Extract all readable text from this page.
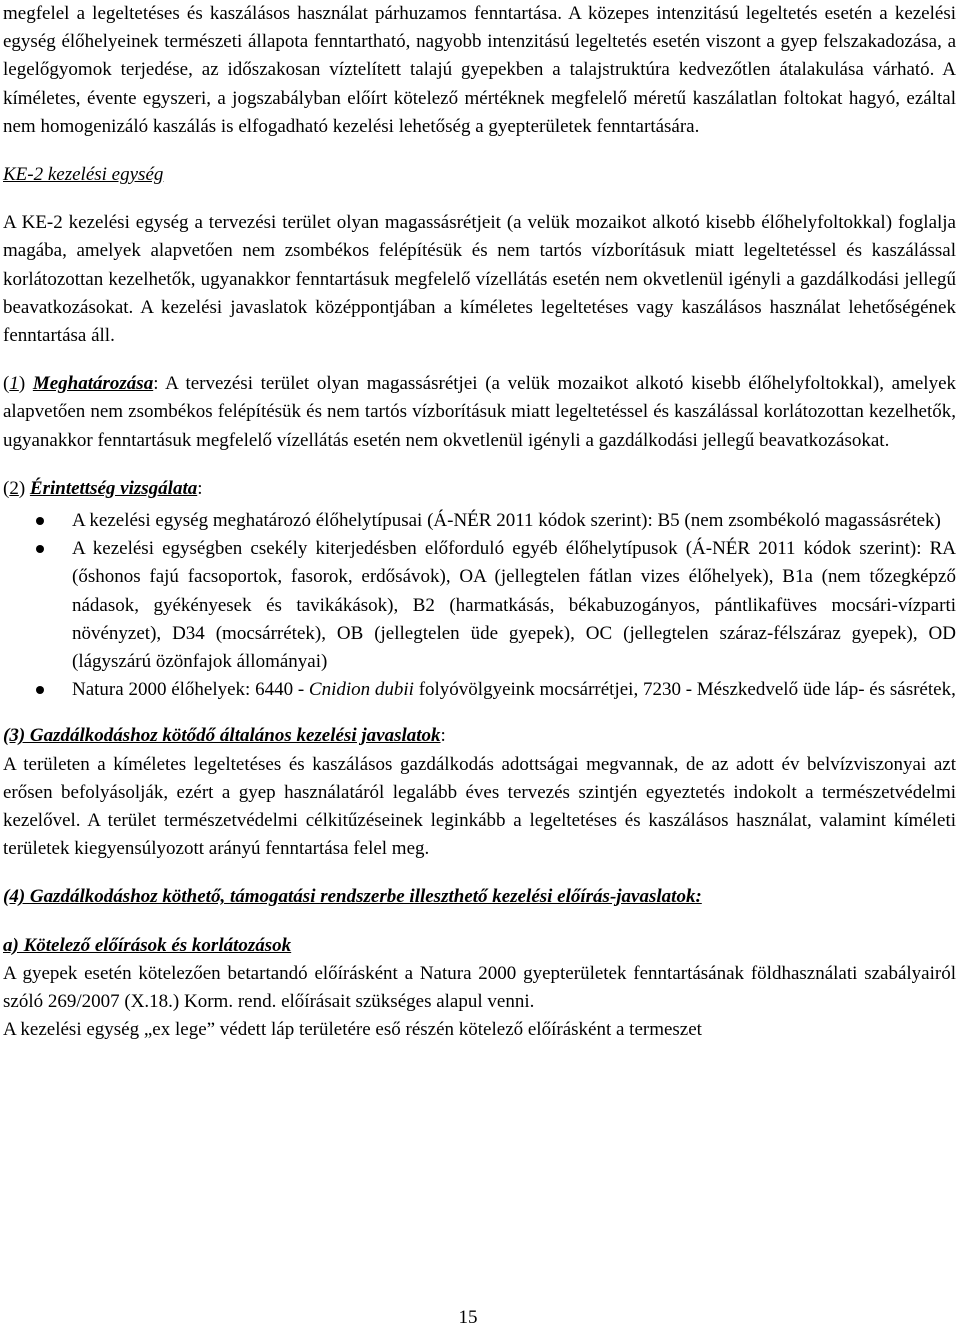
megfelel a legeltetéses és kaszálásos használat párhuzamos fenntartása. A közepes intenzitású legeltetés esetén a kezelési egység élőhelyeinek természeti állapota fenntartható, nagyobb intenzitású legeltetés esetén viszont a gyep felszakadozása, a legelőgyomok terjedése, az időszakosan víztelített talajú gyepekben a talajstruktúra kedvezőtlen átalakulása várható. A kíméletes, évente egyszeri, a jogszabályban előírt kötelező mértéknek megfelelő méretű kaszálatlan foltokat hagyó, ezáltal nem homogenizáló kaszálás is elfogadható kezelési lehetőség a gyepterületek fenntartására.

KE-2 kezelési egység

A KE-2 kezelési egység a tervezési terület olyan magassásrétjeit (a velük mozaikot alkotó kisebb élőhelyfoltokkal) foglalja magába, amelyek alapvetően nem zsombékos felépítésük és nem tartós vízborításuk miatt legeltetéssel és kaszálással korlátozottan kezelhetők, ugyanakkor fenntartásuk megfelelő vízellátás esetén nem okvetlenül igényli a gazdálkodási jellegű beavatkozásokat. A kezelési javaslatok középpontjában a kíméletes legeltetéses vagy kaszálásos használat lehetőségének fenntartása áll.

(1) Meghatározása: A tervezési terület olyan magassásrétjei (a velük mozaikot alkotó kisebb élőhelyfoltokkal), amelyek alapvetően nem zsombékos felépítésük és nem tartós vízborításuk miatt legeltetéssel és kaszálással korlátozottan kezelhetők, ugyanakkor fenntartásuk megfelelő vízellátás esetén nem okvetlenül igényli a gazdálkodási jellegű beavatkozásokat.

(2) Érintettség vizsgálata:

A kezelési egység meghatározó élőhelytípusai (Á-NÉR 2011 kódok szerint): B5 (nem zsombékoló magassásrétek)
A kezelési egységben csekély kiterjedésben előforduló egyéb élőhelytípusok (Á-NÉR 2011 kódok szerint): RA (őshonos fajú facsoportok, fasorok, erdősávok), OA (jellegtelen fátlan vizes élőhelyek), B1a (nem tőzegképző nádasok, gyékényesek és tavikákások), B2 (harmatkásás, békabuzogányos, pántlikafüves mocsári-vízparti növényzet), D34 (mocsárrétek), OB (jellegtelen üde gyepek), OC (jellegtelen száraz-félszáraz gyepek), OD (lágyszárú özönfajok állományai)
Natura 2000 élőhelyek: 6440 - Cnidion dubii folyóvölgyeink mocsárrétjei, 7230 - Mészkedvelő üde láp- és sásrétek,

(3) Gazdálkodáshoz kötődő általános kezelési javaslatok:

A területen a kíméletes legeltetéses és kaszálásos gazdálkodás adottságai megvannak, de az adott év belvízviszonyai azt erősen befolyásolják, ezért a gyep használatáról legalább éves tervezés szintjén egyeztetés indokolt a természetvédelmi kezelővel. A terület természetvédelmi célkitűzéseinek leginkább a legeltetéses és kaszálásos használat, valamint kíméleti területek kiegyensúlyozott arányú fenntartása felel meg.

(4) Gazdálkodáshoz köthető, támogatási rendszerbe illeszthető kezelési előírás-javaslatok:

a) Kötelező előírások és korlátozások

A gyepek esetén kötelezően betartandó előírásként a Natura 2000 gyepterületek fenntartásának földhasználati szabályairól szóló 269/2007 (X.18.) Korm. rend. előírásait szükséges alapul venni.

A kezelési egység „ex lege” védett láp területére eső részén kötelező előírásként a termeszet

15
